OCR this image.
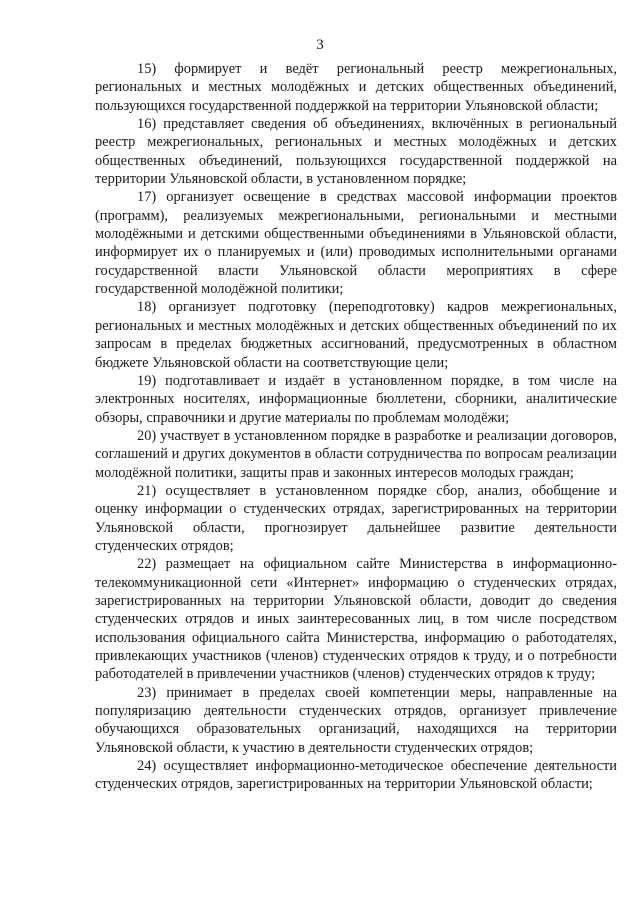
3

15) формирует и ведёт региональный реестр межрегиональных, региональных и местных молодёжных и детских общественных объединений, пользующихся государственной поддержкой на территории Ульяновской области;

16) представляет сведения об объединениях, включённых в региональный реестр межрегиональных, региональных и местных молодёжных и детских общественных объединений, пользующихся государственной поддержкой на территории Ульяновской области, в установленном порядке;

17) организует освещение в средствах массовой информации проектов (программ), реализуемых межрегиональными, региональными и местными молодёжными и детскими общественными объединениями в Ульяновской области, информирует их о планируемых и (или) проводимых исполнительными органами государственной власти Ульяновской области мероприятиях в сфере государственной молодёжной политики;

18) организует подготовку (переподготовку) кадров межрегиональных, региональных и местных молодёжных и детских общественных объединений по их запросам в пределах бюджетных ассигнований, предусмотренных в областном бюджете Ульяновской области на соответствующие цели;

19) подготавливает и издаёт в установленном порядке, в том числе на электронных носителях, информационные бюллетени, сборники, аналитические обзоры, справочники и другие материалы по проблемам молодёжи;

20) участвует в установленном порядке в разработке и реализации договоров, соглашений и других документов в области сотрудничества по вопросам реализации молодёжной политики, защиты прав и законных интересов молодых граждан;

21) осуществляет в установленном порядке сбор, анализ, обобщение и оценку информации о студенческих отрядах, зарегистрированных на территории Ульяновской области, прогнозирует дальнейшее развитие деятельности студенческих отрядов;

22) размещает на официальном сайте Министерства в информационно-телекоммуникационной сети «Интернет» информацию о студенческих отрядах, зарегистрированных на территории Ульяновской области, доводит до сведения студенческих отрядов и иных заинтересованных лиц, в том числе посредством использования официального сайта Министерства, информацию о работодателях, привлекающих участников (членов) студенческих отрядов к труду, и о потребности работодателей в привлечении участников (членов) студенческих отрядов к труду;

23) принимает в пределах своей компетенции меры, направленные на популяризацию деятельности студенческих отрядов, организует привлечение обучающихся образовательных организаций, находящихся на территории Ульяновской области, к участию в деятельности студенческих отрядов;

24) осуществляет информационно-методическое обеспечение деятельности студенческих отрядов, зарегистрированных на территории Ульяновской области;
